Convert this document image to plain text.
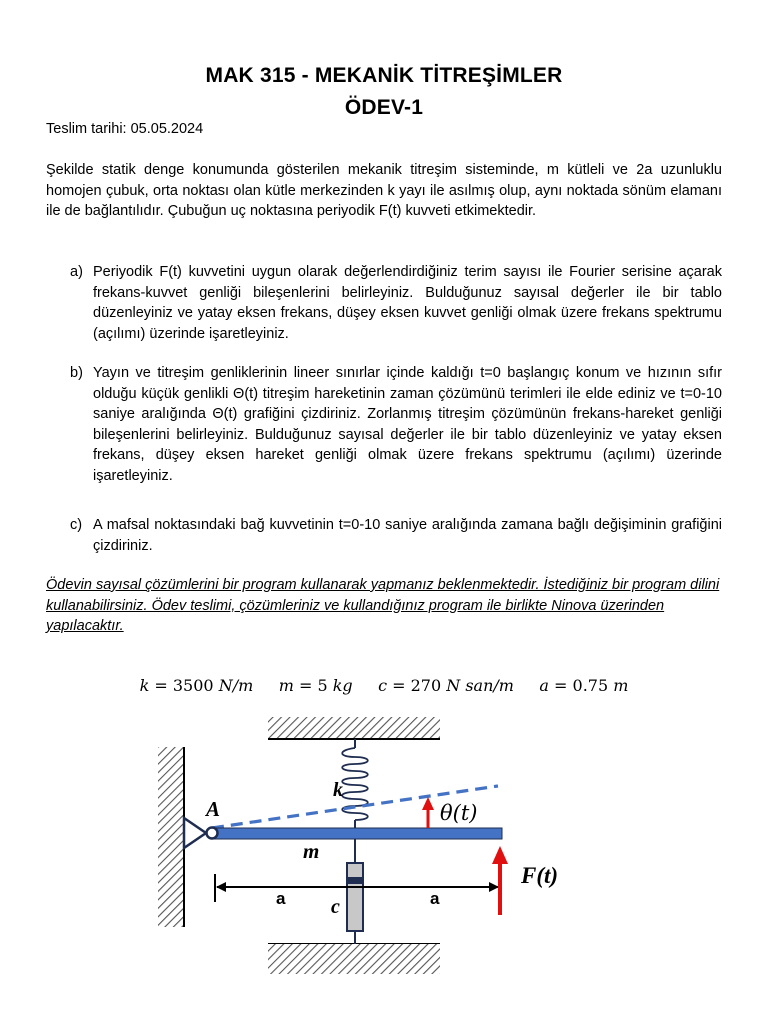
MAK 315 - MEKANİK TİTREŞİMLER
ÖDEV-1
Teslim tarihi: 05.05.2024
Şekilde statik denge konumunda gösterilen mekanik titreşim sisteminde, m kütleli ve 2a uzunluklu homojen çubuk, orta noktası olan kütle merkezinden k yayı ile asılmış olup, aynı noktada sönüm elamanı ile de bağlantılıdır. Çubuğun uç noktasına periyodik F(t) kuvveti etkimektedir.
a) Periyodik F(t) kuvvetini uygun olarak değerlendirdiğiniz terim sayısı ile Fourier serisine açarak frekans-kuvvet genliği bileşenlerini belirleyiniz. Bulduğunuz sayısal değerler ile bir tablo düzenleyiniz ve yatay eksen frekans, düşey eksen kuvvet genliği olmak üzere frekans spektrumu (açılımı) üzerinde işaretleyiniz.
b) Yayın ve titreşim genliklerinin lineer sınırlar içinde kaldığı t=0 başlangıç konum ve hızının sıfır olduğu küçük genlikli Θ(t) titreşim hareketinin zaman çözümünü terimleri ile elde ediniz ve t=0-10 saniye aralığında Θ(t) grafiğini çizdiriniz. Zorlanmış titreşim çözümünün frekans-hareket genliği bileşenlerini belirleyiniz. Bulduğunuz sayısal değerler ile bir tablo düzenleyiniz ve yatay eksen frekans, düşey eksen hareket genliği olmak üzere frekans spektrumu (açılımı) üzerinde işaretleyiniz.
c) A mafsal noktasındaki bağ kuvvetinin t=0-10 saniye aralığında zamana bağlı değişiminin grafiğini çizdiriniz.
Ödevin sayısal çözümlerini bir program kullanarak yapmanız beklenmektedir. İstediğiniz bir program dilini kullanabilirsiniz. Ödev teslimi, çözümleriniz ve kullandığınız program ile birlikte Ninova üzerinden yapılacaktır.
k = 3500 N/m m = 5 kg c = 270 N san/m a = 0.75 m
k
A	θ(t)
m
c
a	a
F(t)
